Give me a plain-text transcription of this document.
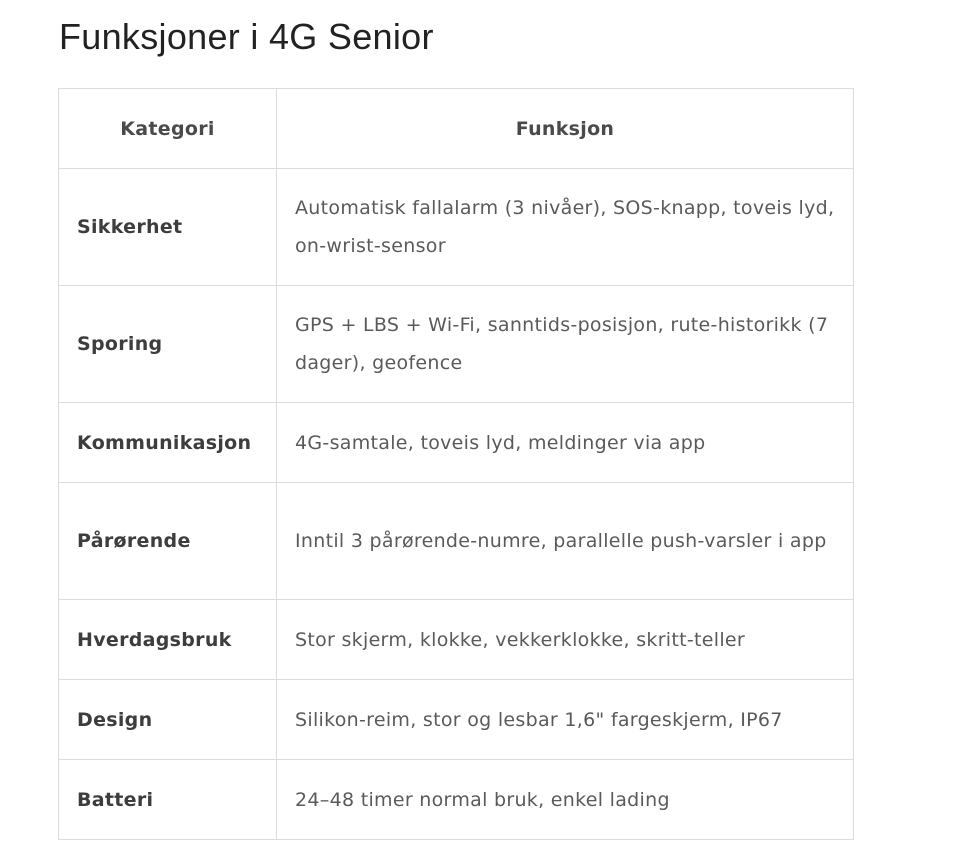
Funksjoner i 4G Senior
Kategori	Funksjon
Sikkerhet	Automatisk fallalarm (3 nivåer), SOS-knapp, toveis lyd, on-wrist-sensor
Sporing	GPS + LBS + Wi-Fi, sanntids-posisjon, rute-historikk (7 dager), geofence
Kommunikasjon	4G-samtale, toveis lyd, meldinger via app
Pårørende	Inntil 3 pårørende-numre, parallelle push-varsler i app
Hverdagsbruk	Stor skjerm, klokke, vekkerklokke, skritt-teller
Design	Silikon-reim, stor og lesbar 1,6" fargeskjerm, IP67
Batteri	24–48 timer normal bruk, enkel lading
